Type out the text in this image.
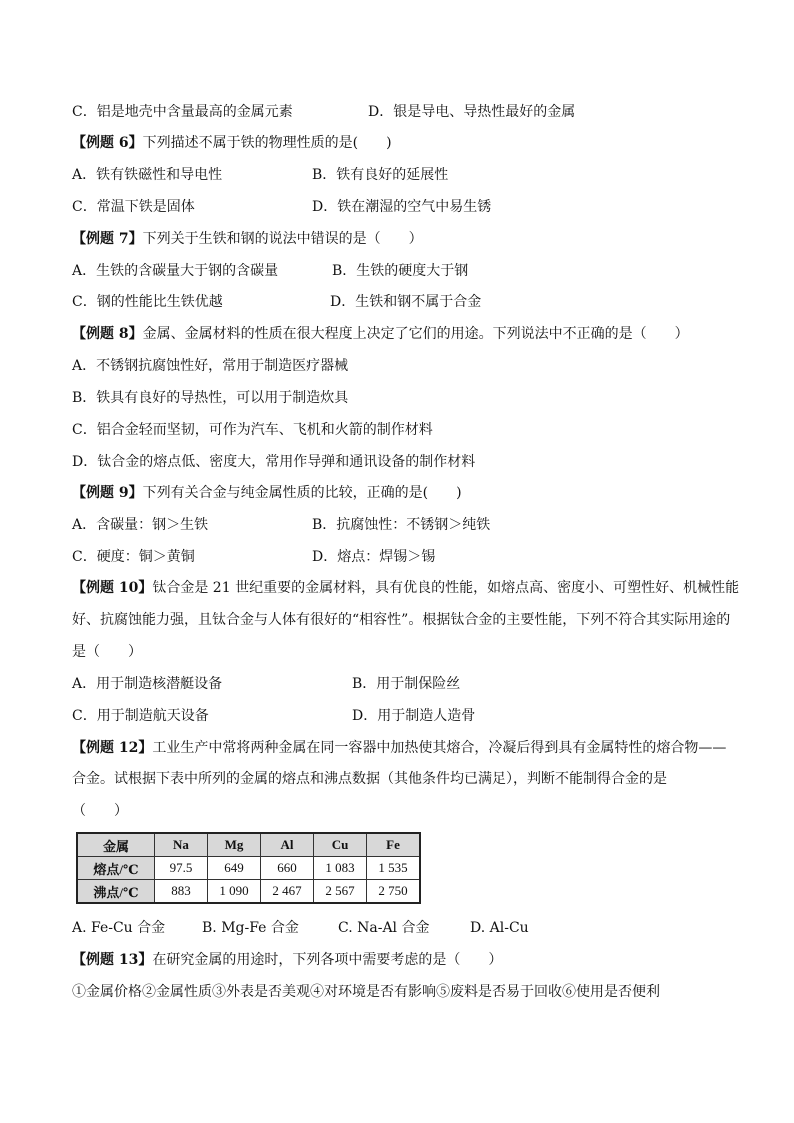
C．铝是地壳中含量最高的金属元素	D．银是导电、导热性最好的金属
【例题 6】下列描述不属于铁的物理性质的是(　　)
A．铁有铁磁性和导电性	B．铁有良好的延展性
C．常温下铁是固体	D．铁在潮湿的空气中易生锈
【例题 7】下列关于生铁和钢的说法中错误的是（　　）
A．生铁的含碳量大于钢的含碳量	B．生铁的硬度大于钢
C．钢的性能比生铁优越	D．生铁和钢不属于合金
【例题 8】金属、金属材料的性质在很大程度上决定了它们的用途。下列说法中不正确的是（　　）
A．不锈钢抗腐蚀性好，常用于制造医疗器械
B．铁具有良好的导热性，可以用于制造炊具
C．铝合金轻而坚韧，可作为汽车、飞机和火箭的制作材料
D．钛合金的熔点低、密度大，常用作导弹和通讯设备的制作材料
【例题 9】下列有关合金与纯金属性质的比较，正确的是(　　)
A．含碳量：钢＞生铁	B．抗腐蚀性：不锈钢＞纯铁
C．硬度：铜＞黄铜	D．熔点：焊锡＞锡
【例题 10】钛合金是 21 世纪重要的金属材料，具有优良的性能，如熔点高、密度小、可塑性好、机械性能
好、抗腐蚀能力强，且钛合金与人体有很好的“相容性”。根据钛合金的主要性能，下列不符合其实际用途的
是（　　）
A．用于制造核潜艇设备	B．用于制保险丝
C．用于制造航天设备	D．用于制造人造骨
【例题 12】工业生产中常将两种金属在同一容器中加热使其熔合，冷凝后得到具有金属特性的熔合物——
合金。试根据下表中所列的金属的熔点和沸点数据（其他条件均已满足），判断不能制得合金的是
（　　）
金属	Na	Mg	Al	Cu	Fe
熔点/℃	97.5	649	660	1 083	1 535
沸点/℃	883	1 090	2 467	2 567	2 750
A. Fe-Cu 合金	B. Mg-Fe 合金	C. Na-Al 合金	D. Al-Cu
【例题 13】在研究金属的用途时，下列各项中需要考虑的是（　　）
①金属价格②金属性质③外表是否美观④对环境是否有影响⑤废料是否易于回收⑥使用是否便利
